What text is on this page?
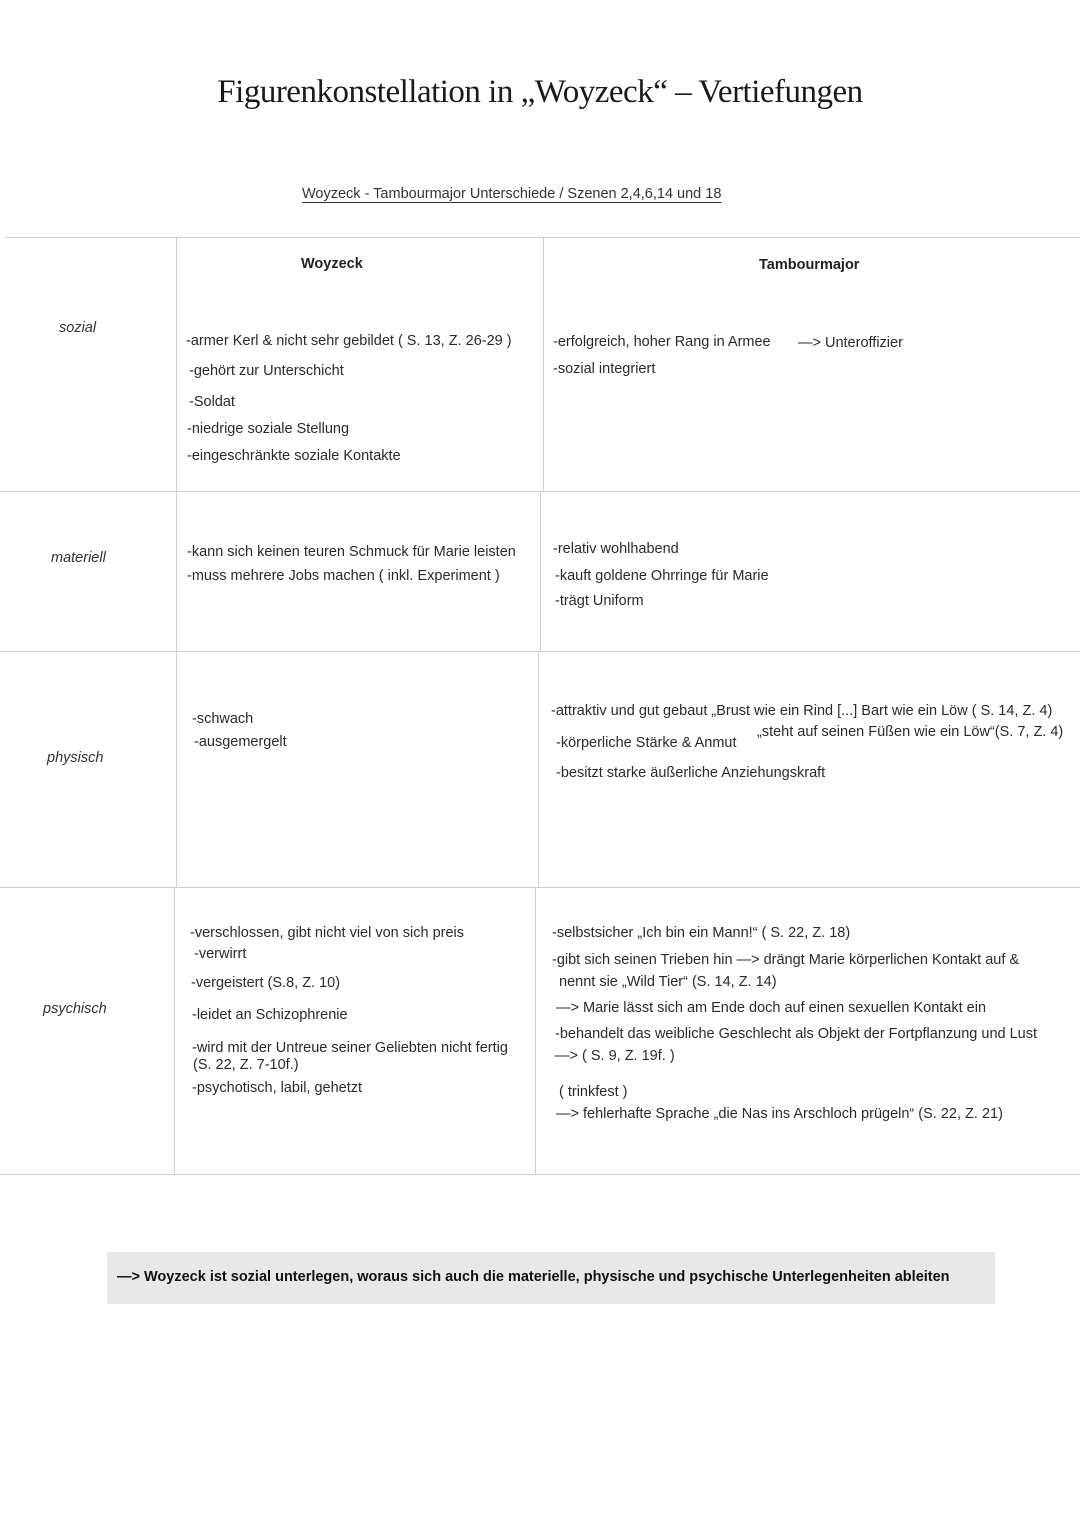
Figurenkonstellation in „Woyzeck“ – Vertiefungen
Woyzeck - Tambourmajor Unterschiede / Szenen 2,4,6,14 und 18
Woyzeck	Tambourmajor
sozial
materiell
physisch
psychisch
-armer Kerl & nicht sehr gebildet ( S. 13, Z. 26-29 )
-gehört zur Unterschicht
-Soldat
-niedrige soziale Stellung
-eingeschränkte soziale Kontakte
-erfolgreich, hoher Rang in Armee —> Unteroffizier
-sozial integriert
-kann sich keinen teuren Schmuck für Marie leisten
-muss mehrere Jobs machen ( inkl. Experiment )
-relativ wohlhabend
-kauft goldene Ohrringe für Marie
-trägt Uniform
-schwach
-ausgemergelt
-attraktiv und gut gebaut „Brust wie ein Rind [...] Bart wie ein Löw ( S. 14, Z. 4)
„steht auf seinen Füßen wie ein Löw“(S. 7, Z. 4)
-körperliche Stärke & Anmut
-besitzt starke äußerliche Anziehungskraft
-verschlossen, gibt nicht viel von sich preis
-verwirrt
-vergeistert (S.8, Z. 10)
-leidet an Schizophrenie
-wird mit der Untreue seiner Geliebten nicht fertig
(S. 22, Z. 7-10f.)
-psychotisch, labil, gehetzt
-selbstsicher „Ich bin ein Mann!“ ( S. 22, Z. 18)
-gibt sich seinen Trieben hin —> drängt Marie körperlichen Kontakt auf &
nennt sie „Wild Tier“ (S. 14, Z. 14)
—> Marie lässt sich am Ende doch auf einen sexuellen Kontakt ein
-behandelt das weibliche Geschlecht als Objekt der Fortpflanzung und Lust
—> ( S. 9, Z. 19f. )
( trinkfest )
—> fehlerhafte Sprache „die Nas ins Arschloch prügeln“ (S. 22, Z. 21)
—> Woyzeck ist sozial unterlegen, woraus sich auch die materielle, physische und psychische Unterlegenheiten ableiten
